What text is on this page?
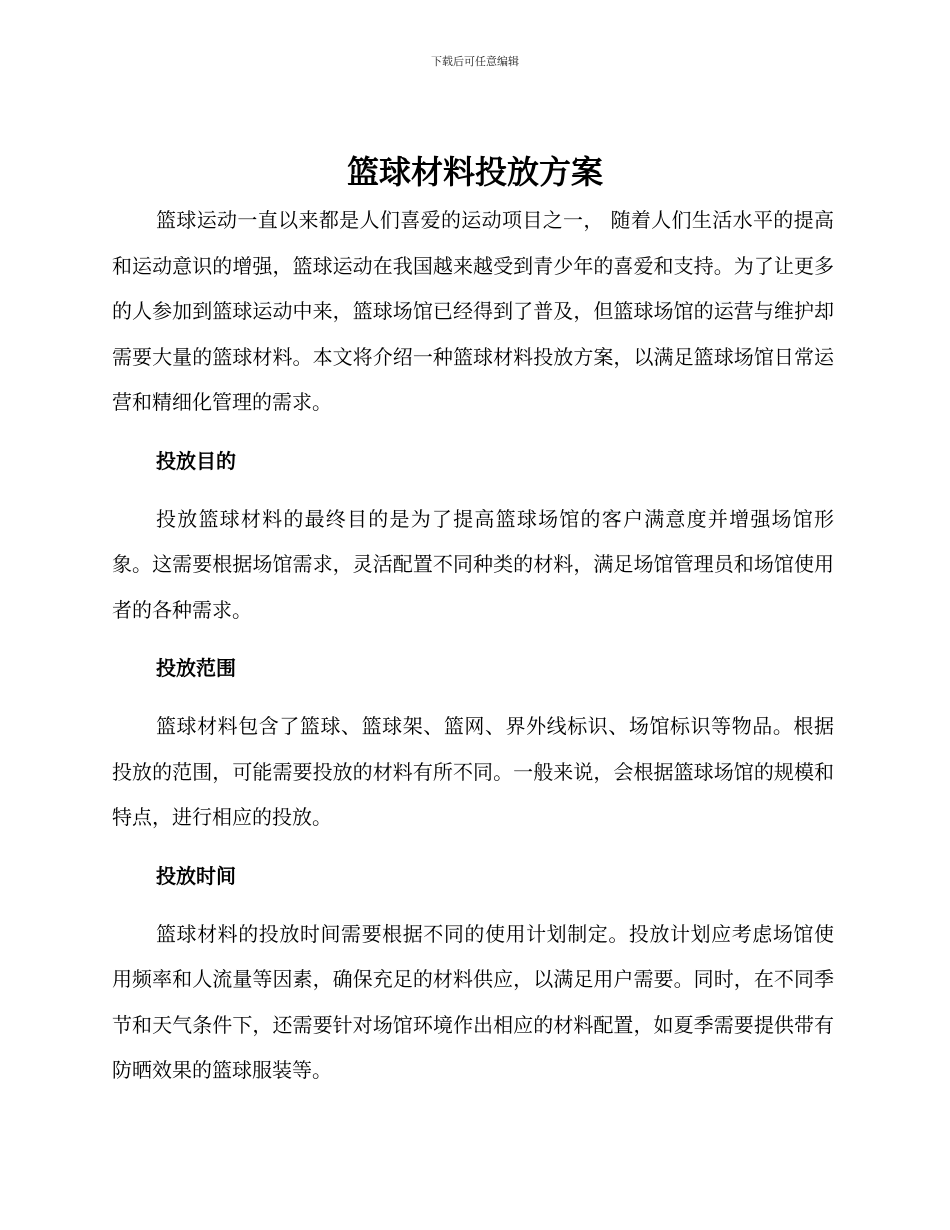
下载后可任意编辑
篮球材料投放方案

篮球运动一直以来都是人们喜爱的运动项目之一， 随着人们生活水平的提高和运动意识的增强，篮球运动在我国越来越受到青少年的喜爱和支持。为了让更多的人参加到篮球运动中来，篮球场馆已经得到了普及，但篮球场馆的运营与维护却需要大量的篮球材料。本文将介绍一种篮球材料投放方案，以满足篮球场馆日常运营和精细化管理的需求。

投放目的

投放篮球材料的最终目的是为了提高篮球场馆的客户满意度并增强场馆形象。这需要根据场馆需求，灵活配置不同种类的材料，满足场馆管理员和场馆使用者的各种需求。

投放范围

篮球材料包含了篮球、篮球架、篮网、界外线标识、场馆标识等物品。根据投放的范围，可能需要投放的材料有所不同。一般来说，会根据篮球场馆的规模和特点，进行相应的投放。

投放时间

篮球材料的投放时间需要根据不同的使用计划制定。投放计划应考虑场馆使用频率和人流量等因素，确保充足的材料供应，以满足用户需要。同时，在不同季节和天气条件下，还需要针对场馆环境作出相应的材料配置，如夏季需要提供带有防晒效果的篮球服装等。
